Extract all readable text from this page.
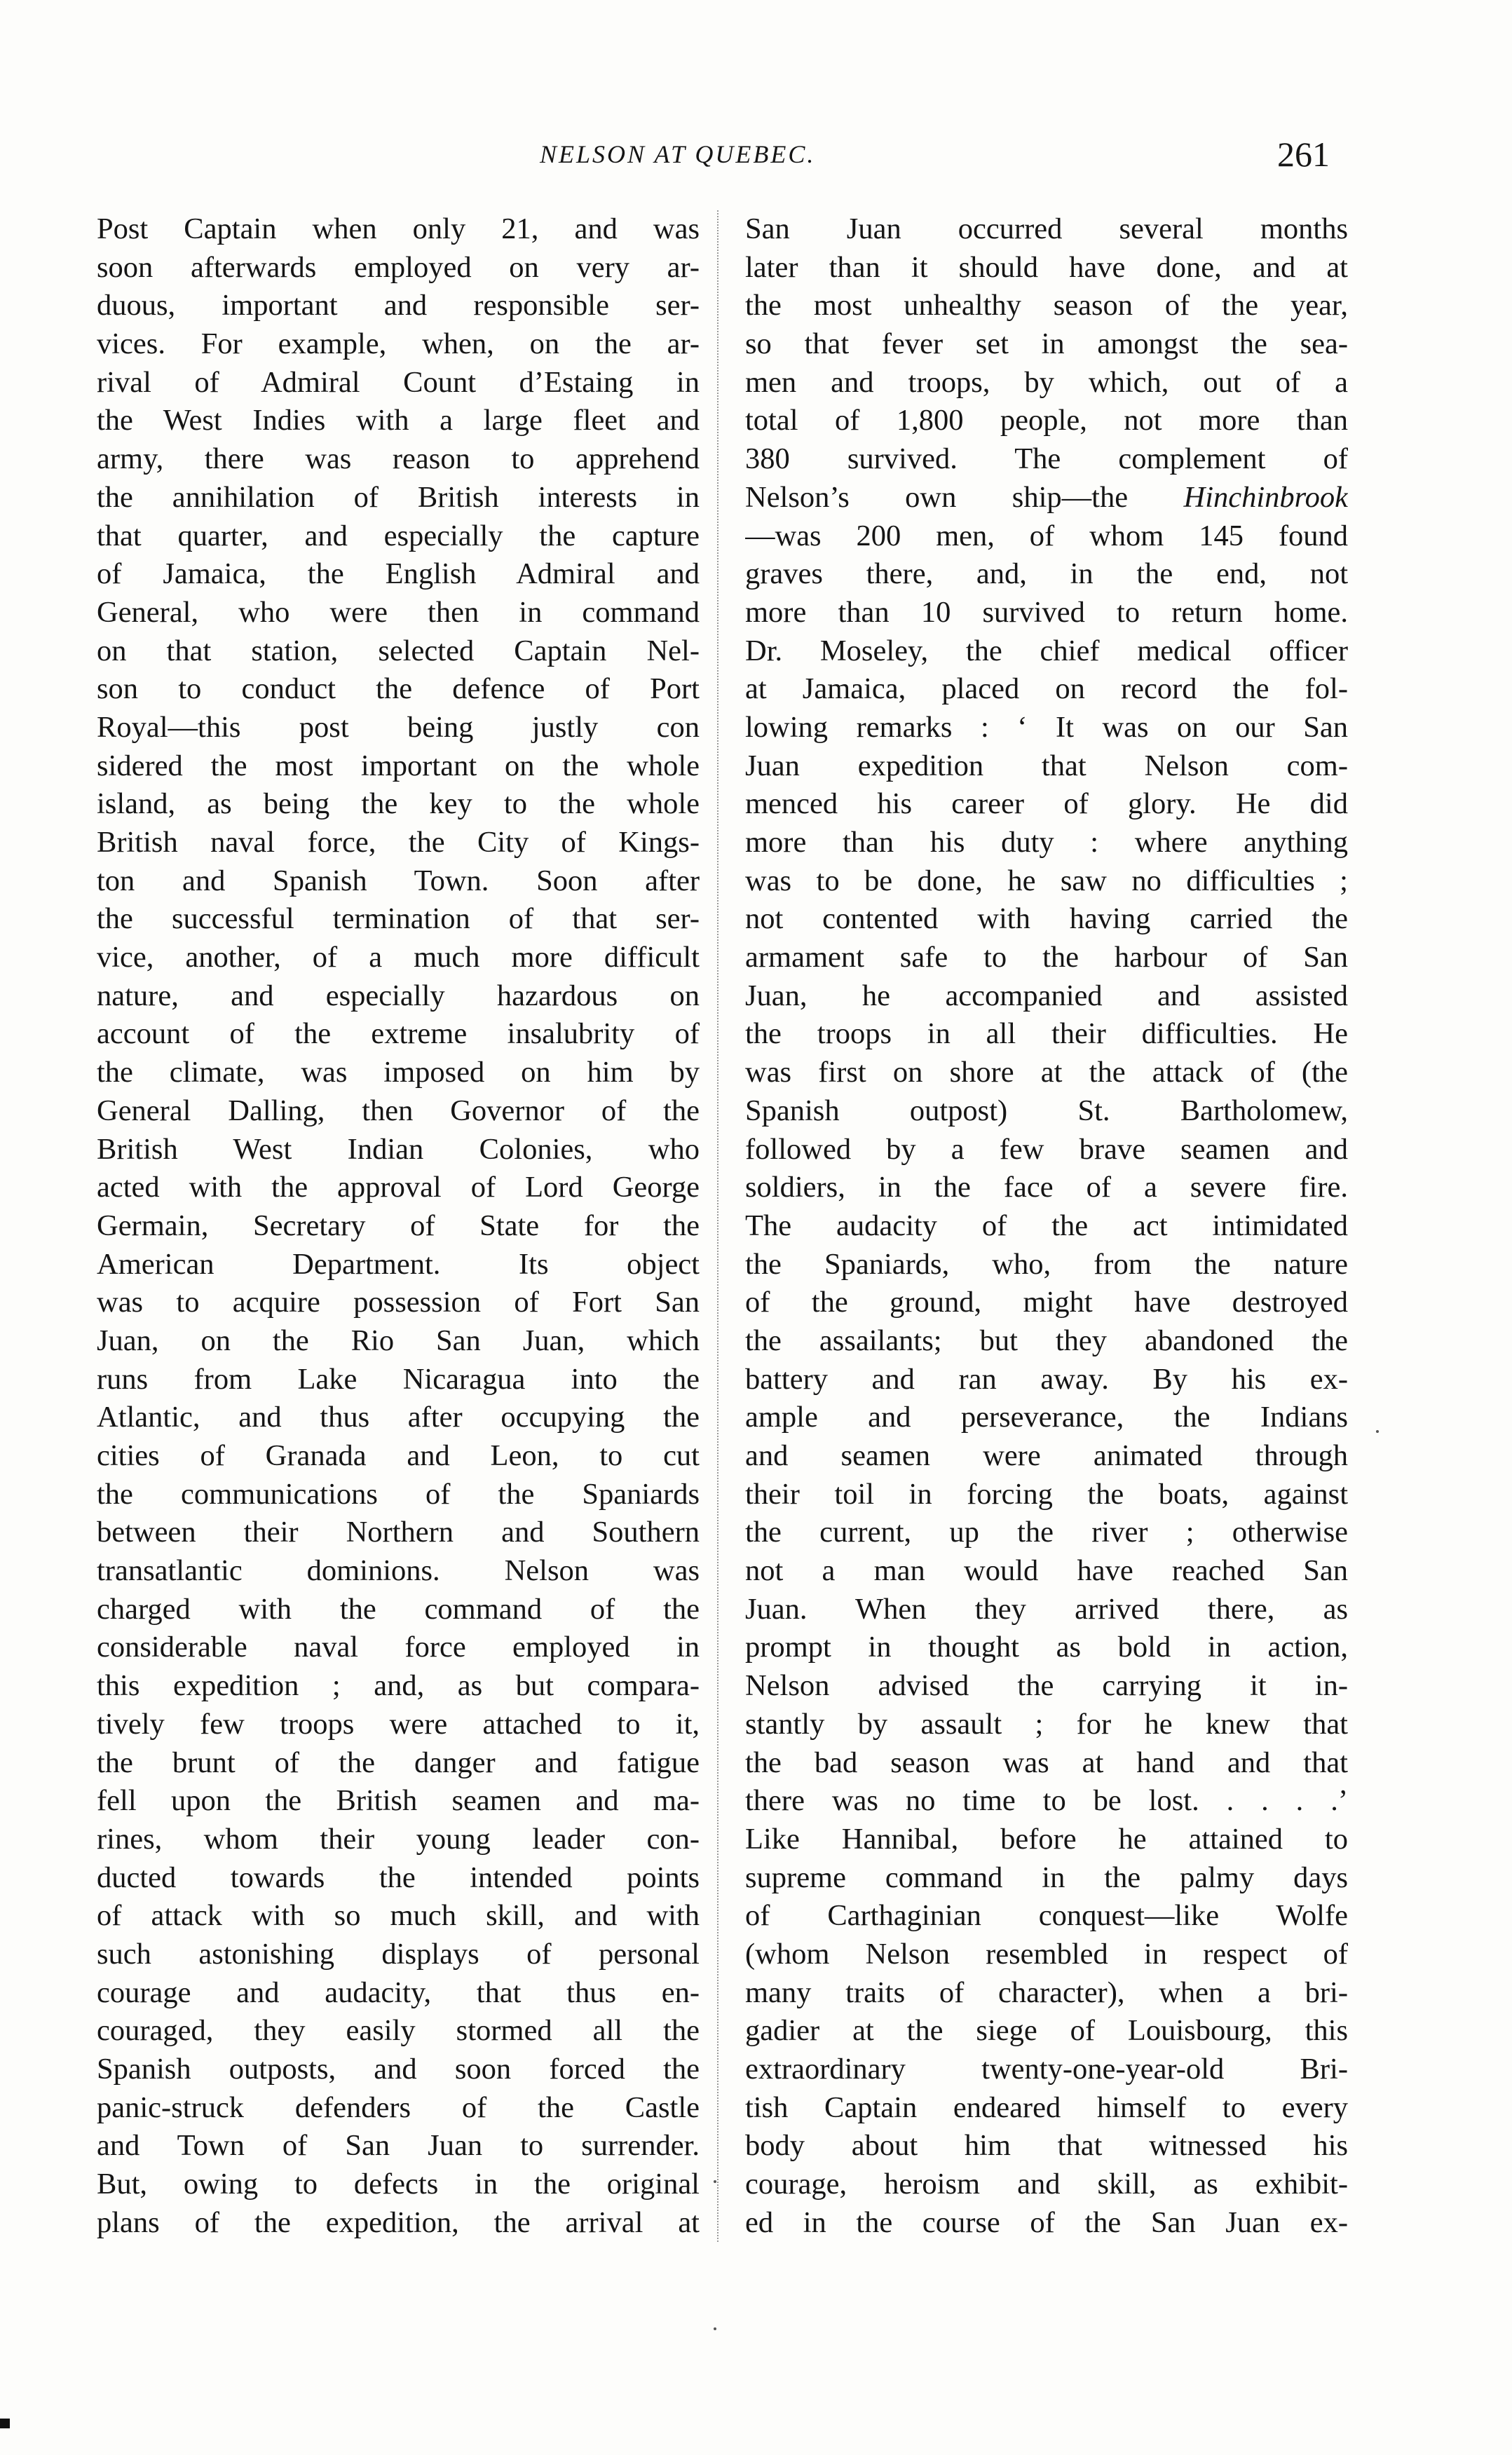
NELSON AT QUEBEC.	261
Post Captain when only 21, and was
soon afterwards employed on very ar-
duous, important and responsible ser-
vices. For example, when, on the ar-
rival of Admiral Count d’Estaing in
the West Indies with a large fleet and
army, there was reason to apprehend
the annihilation of British interests in
that quarter, and especially the capture
of Jamaica, the English Admiral and
General, who were then in command
on that station, selected Captain Nel-
son to conduct the defence of Port
Royal—this post being justly con
sidered the most important on the whole
island, as being the key to the whole
British naval force, the City of Kings-
ton and Spanish Town. Soon after
the successful termination of that ser-
vice, another, of a much more difficult
nature, and especially hazardous on
account of the extreme insalubrity of
the climate, was imposed on him by
General Dalling, then Governor of the
British West Indian Colonies, who
acted with the approval of Lord George
Germain, Secretary of State for the
American Department. Its object
was to acquire possession of Fort San
Juan, on the Rio San Juan, which
runs from Lake Nicaragua into the
Atlantic, and thus after occupying the
cities of Granada and Leon, to cut
the communications of the Spaniards
between their Northern and Southern
transatlantic dominions. Nelson was
charged with the command of the
considerable naval force employed in
this expedition ; and, as but compara-
tively few troops were attached to it,
the brunt of the danger and fatigue
fell upon the British seamen and ma-
rines, whom their young leader con-
ducted towards the intended points
of attack with so much skill, and with
such astonishing displays of personal
courage and audacity, that thus en-
couraged, they easily stormed all the
Spanish outposts, and soon forced the
panic-struck defenders of the Castle
and Town of San Juan to surrender.
But, owing to defects in the original
plans of the expedition, the arrival at
San Juan occurred several months
later than it should have done, and at
the most unhealthy season of the year,
so that fever set in amongst the sea-
men and troops, by which, out of a
total of 1,800 people, not more than
380 survived. The complement of
Nelson’s own ship—the Hinchinbrook
—was 200 men, of whom 145 found
graves there, and, in the end, not
more than 10 survived to return home.
Dr. Moseley, the chief medical officer
at Jamaica, placed on record the fol-
lowing remarks : ‘ It was on our San
Juan expedition that Nelson com-
menced his career of glory. He did
more than his duty : where anything
was to be done, he saw no difficulties ;
not contented with having carried the
armament safe to the harbour of San
Juan, he accompanied and assisted
the troops in all their difficulties. He
was first on shore at the attack of (the
Spanish outpost) St. Bartholomew,
followed by a few brave seamen and
soldiers, in the face of a severe fire.
The audacity of the act intimidated
the Spaniards, who, from the nature
of the ground, might have destroyed
the assailants; but they abandoned the
battery and ran away. By his ex-
ample and perseverance, the Indians
and seamen were animated through
their toil in forcing the boats, against
the current, up the river ; otherwise
not a man would have reached San
Juan. When they arrived there, as
prompt in thought as bold in action,
Nelson advised the carrying it in-
stantly by assault ; for he knew that
the bad season was at hand and that
there was no time to be lost. . . . .’
Like Hannibal, before he attained to
supreme command in the palmy days
of Carthaginian conquest—like Wolfe
(whom Nelson resembled in respect of
many traits of character), when a bri-
gadier at the siege of Louisbourg, this
extraordinary twenty-one-year-old Bri-
tish Captain endeared himself to every
body about him that witnessed his
courage, heroism and skill, as exhibit-
ed in the course of the San Juan ex-
